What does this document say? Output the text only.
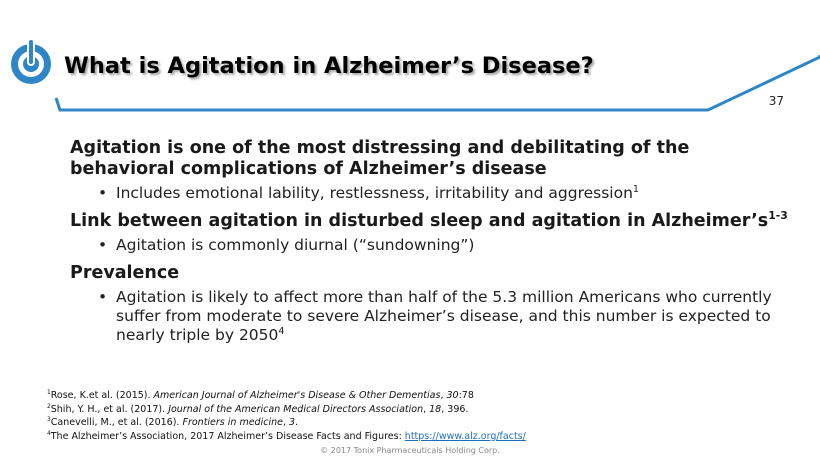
What is Agitation in Alzheimer’s Disease?
37

Agitation is one of the most distressing and debilitating of the behavioral complications of Alzheimer’s disease

• Includes emotional lability, restlessness, irritability and aggression$^1$

Link between agitation in disturbed sleep and agitation in $Alzheimer’s^{1-3}$

• Agitation is commonly diurnal (“sundowning”)

Prevalence

• Agitation is likely to affect more than half of the 5.3 million Americans who currently suffer from moderate to severe Alzheimer’s disease, and this number is expected to nearly triple by 2050$^4$

$^1$Rose, K.et al. (2015). American Journal of Alzheimer's Disease & Other Dementias, 30:78

$^2$Shih, Y. H., et al. (2017). Journal of the American Medical Directors Association, 18, 396.

$^3$Canevelli, M., et al. (2016). Frontiers in medicine, 3.

$^4$The Alzheimer’s Association, 2017 Alzheimer’s Disease Facts and Figures: https://www.alz.org/facts/

© 2017 Tonix Pharmaceuticals Holding Corp.
